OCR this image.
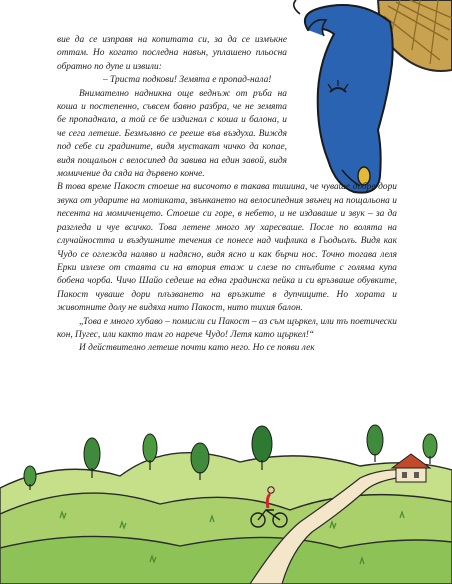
вие да се изправя на копитата си, за да се измъкне оттам. Но когато последна навън, уплашено пльосна обратно по дупе и извили:

– Триста подкови! Земята е пропад-нала!

Внимателно надникна още веднъж от ръба на коша и постепенно, съвсем бавно разбра, че не земята бе пропаднала, а той се бе издигнал с коша и балона, и че сега летеше. Безмълвно се рееше във въздуха. Виждя под себе си градините, видя мустакат чичко да копае, видя пощальон с велосипед да завива на един завой, видя момичение да сяда на дървено конче.

В това време Пакост стоеше на височото в такава тишина, че чуваше добре дори звука от ударите на мотиката, звънкането на велосипедния звънец на пощальона и песента на момиченцето. Стоеше си горе, в небето, и не издаваше и звук – за да разгледа и чуе всичко. Това летене много му харесваше. После по волята на случайността и въздушните течения се понесе над чифлика в Гьодьолъ. Видя как Чудо се оглежда наляво и надясно, видя ясно и как бърчи нос. Точно тогава леля Ерки излезе от стаята си на втория етаж и слезе по стълбите с голяма купа бобена чорба. Чичо Шайо седеше на една градинска пейка и си връзваше обувките, Пакост чуваше дори плъзването на връзките в дупчиците. Но хората и животните долу не видяха нито Пакост, нито тихия балон.

„Това е много хубаво – помисли си Пакост – аз съм щъркел, или тъ поетически кон, Пугес, или както там го нарече Чудо! Летя като щъркел!“

И действително летеше почти като него. Но се появи лек
